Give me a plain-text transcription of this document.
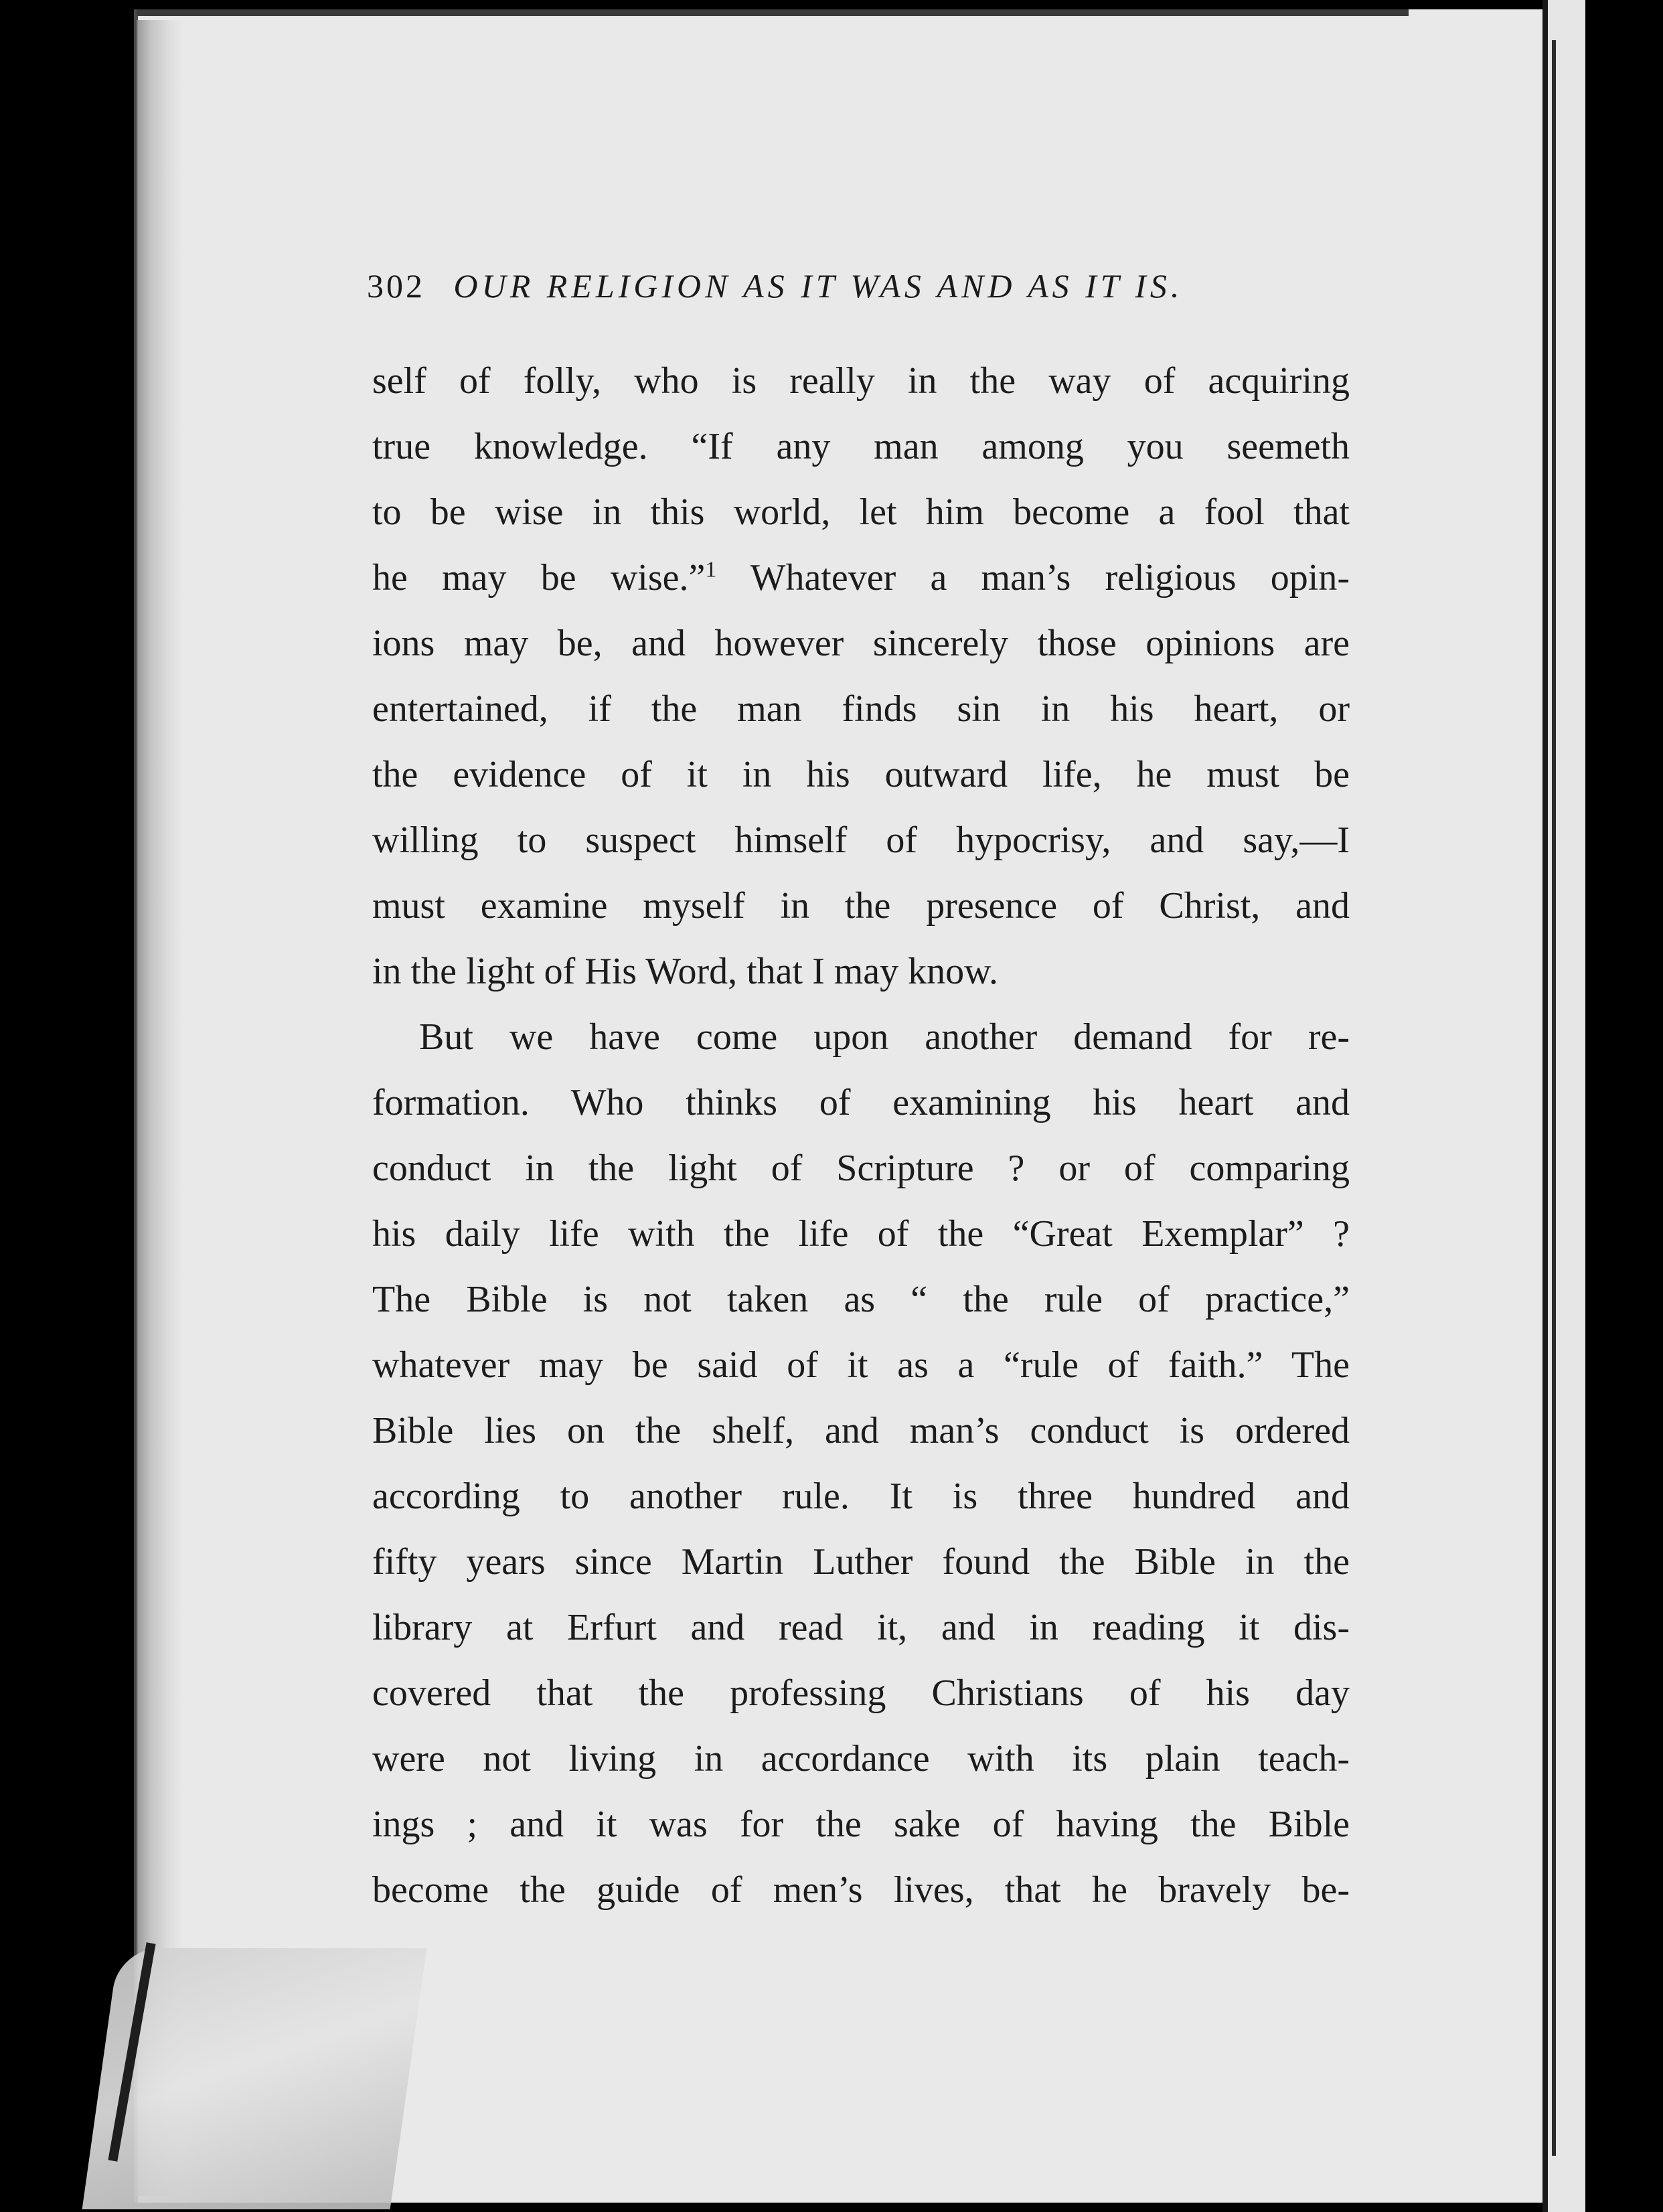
302 OUR RELIGION AS IT WAS AND AS IT IS.
self of folly, who is really in the way of acquiring
true knowledge. “If any man among you seemeth
to be wise in this world, let him become a fool that
he may be wise.”$^1$ Whatever a man’s religious opin-
ions may be, and however sincerely those opinions are
entertained, if the man finds sin in his heart, or
the evidence of it in his outward life, he must be
willing to suspect himself of hypocrisy, and say,—I
must examine myself in the presence of Christ, and
in the light of His Word, that I may know.
But we have come upon another demand for re-
formation. Who thinks of examining his heart and
conduct in the light of Scripture ? or of comparing
his daily life with the life of the “Great Exemplar” ?
The Bible is not taken as “ the rule of practice,”
whatever may be said of it as a “rule of faith.” The
Bible lies on the shelf, and man’s conduct is ordered
according to another rule. It is three hundred and
fifty years since Martin Luther found the Bible in the
library at Erfurt and read it, and in reading it dis-
covered that the professing Christians of his day
were not living in accordance with its plain teach-
ings ; and it was for the sake of having the Bible
become the guide of men’s lives, that he bravely be-
